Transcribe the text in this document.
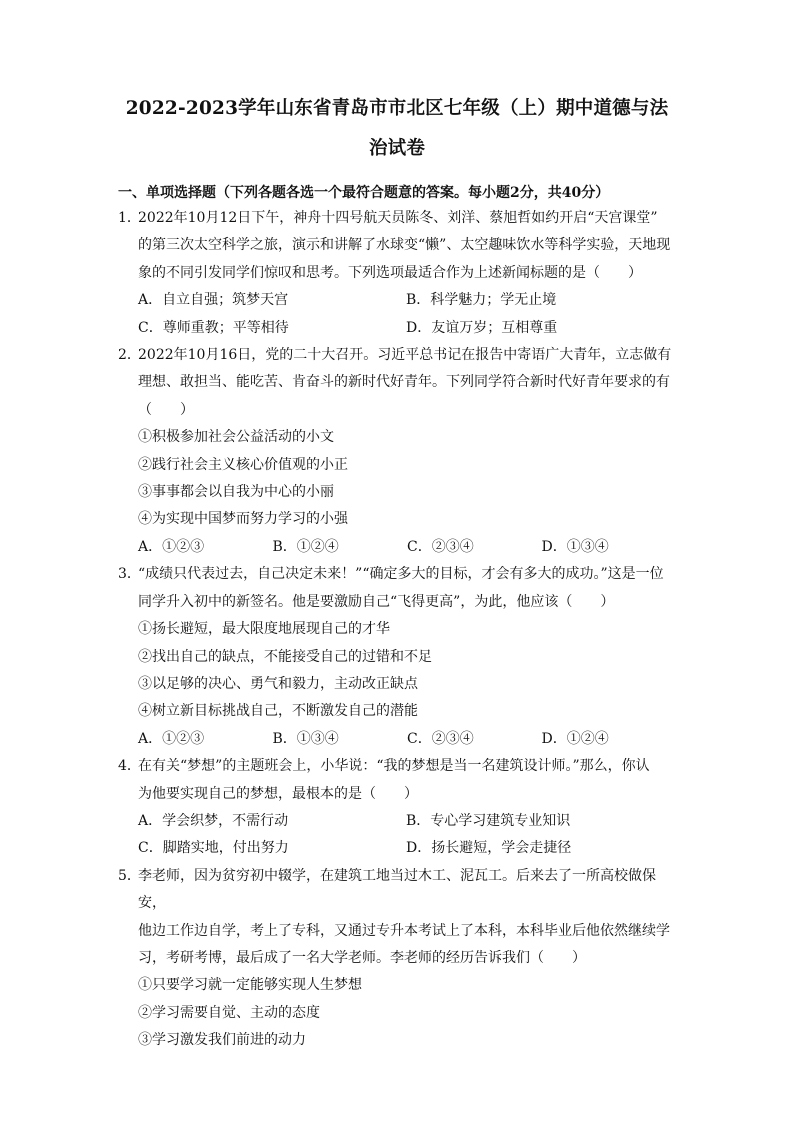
2022-2023学年山东省青岛市市北区七年级（上）期中道德与法
治试卷
一、单项选择题（下列各题各选一个最符合题意的答案。每小题2分，共40分）
1．
2022年10月12日下午，神舟十四号航天员陈冬、刘洋、蔡旭哲如约开启“天宫课堂”
的第三次太空科学之旅，演示和讲解了水球变“懒”、太空趣味饮水等科学实验，天地现
象的不同引发同学们惊叹和思考。下列选项最适合作为上述新闻标题的是（　　）
A．自立自强；筑梦天宫	B．科学魅力；学无止境
C．尊师重教；平等相待	D．友谊万岁；互相尊重
2．
2022年10月16日，党的二十大召开。习近平总书记在报告中寄语广大青年，立志做有
理想、敢担当、能吃苦、肯奋斗的新时代好青年。下列同学符合新时代好青年要求的有
（　　）
①积极参加社会公益活动的小文
②践行社会主义核心价值观的小正
③事事都会以自我为中心的小丽
④为实现中国梦而努力学习的小强
A．①②③	B．①②④	C．②③④	D．①③④
3．
“成绩只代表过去，自己决定未来！”“确定多大的目标，才会有多大的成功。”这是一位
同学升入初中的新签名。他是要激励自己“飞得更高”，为此，他应该（　　）
①扬长避短，最大限度地展现自己的才华
②找出自己的缺点，不能接受自己的过错和不足
③以足够的决心、勇气和毅力，主动改正缺点
④树立新目标挑战自己，不断激发自己的潜能
A．①②③	B．①③④	C．②③④	D．①②④
4．
在有关“梦想”的主题班会上，小华说：“我的梦想是当一名建筑设计师。”那么，你认
为他要实现自己的梦想，最根本的是（　　）
A．学会织梦，不需行动	B．专心学习建筑专业知识
C．脚踏实地，付出努力	D．扬长避短，学会走捷径
5．
李老师，因为贫穷初中辍学，在建筑工地当过木工、泥瓦工。后来去了一所高校做保安，
他边工作边自学，考上了专科，又通过专升本考试上了本科，本科毕业后他依然继续学
习，考研考博，最后成了一名大学老师。李老师的经历告诉我们（　　）
①只要学习就一定能够实现人生梦想
②学习需要自觉、主动的态度
③学习激发我们前进的动力
